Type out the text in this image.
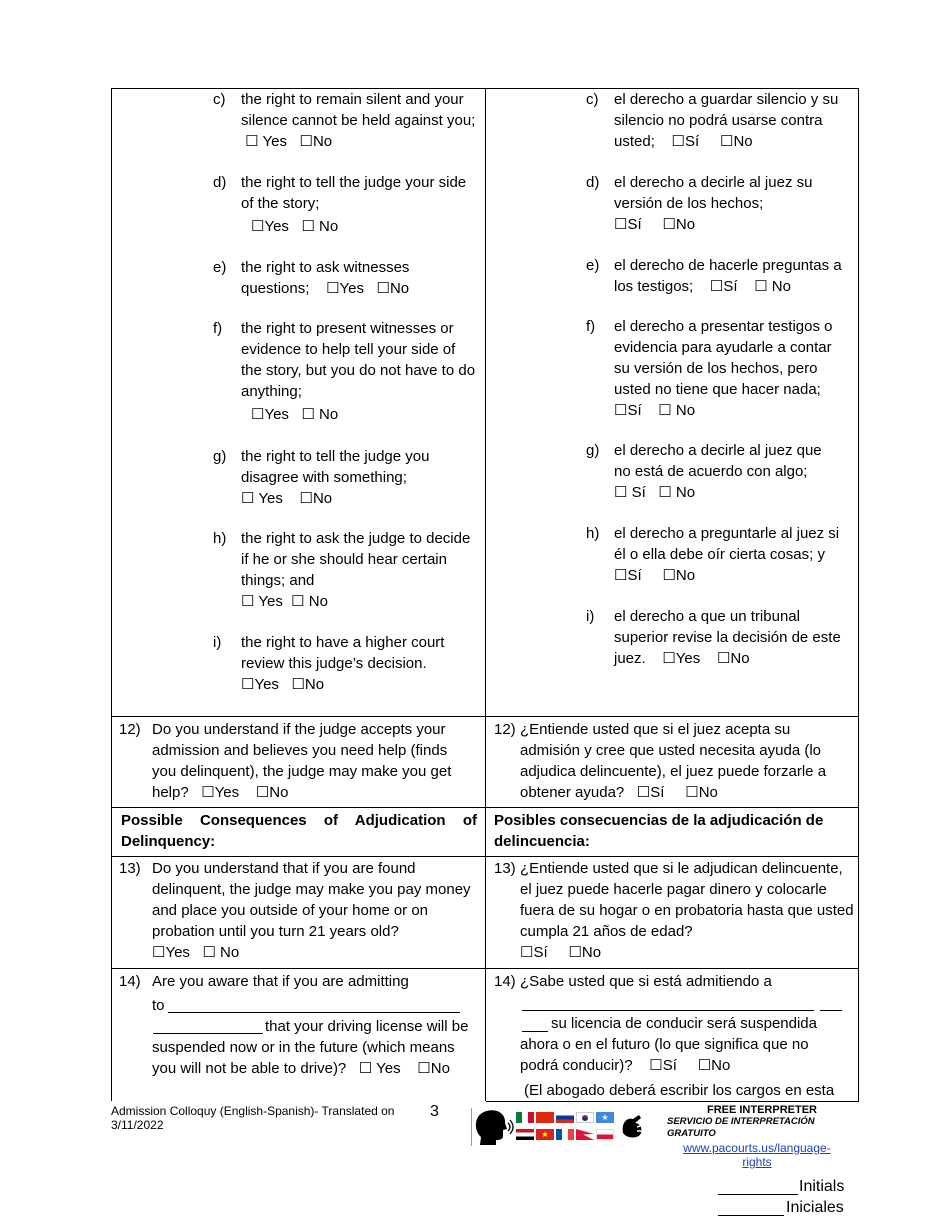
c) the right to remain silent and your silence cannot be held against you;  ☐ Yes ☐No
d) the right to tell the judge your side of the story;
☐Yes ☐ No
e) the right to ask witnesses questions; ☐Yes ☐No
f) the right to present witnesses or evidence to help tell your side of the story, but you do not have to do anything;
☐Yes ☐ No
g) the right to tell the judge you disagree with something;
☐ Yes ☐No
h) the right to ask the judge to decide if he or she should hear certain things; and
☐ Yes ☐ No
i) the right to have a higher court review this judge’s decision.
☐Yes ☐No
c) el derecho a guardar silencio y su silencio no podrá usarse contra usted; ☐Sí ☐No
d) el derecho a decirle al juez su versión de los hechos;
☐Sí ☐No
e) el derecho de hacerle preguntas a los testigos; ☐Sí ☐ No
f) el derecho a presentar testigos o evidencia para ayudarle a contar su versión de los hechos, pero usted no tiene que hacer nada;
☐Sí ☐ No
g) el derecho a decirle al juez que no está de acuerdo con algo;
☐ Sí ☐ No
h) el derecho a preguntarle al juez si él o ella debe oír cierta cosas; y
☐Sí ☐No
i) el derecho a que un tribunal superior revise la decisión de este juez. ☐Yes ☐No
12) Do you understand if the judge accepts your admission and believes you need help (finds you delinquent), the judge may make you get help? ☐Yes ☐No
12) ¿Entiende usted que si el juez acepta su admisión y cree que usted necesita ayuda (lo adjudica delincuente), el juez puede forzarle a obtener ayuda? ☐Sí ☐No
Possible Consequences of Adjudication of Delinquency:
Posibles consecuencias de la adjudicación de delincuencia:
13) Do you understand that if you are found delinquent, the judge may make you pay money and place you outside of your home or on probation until you turn 21 years old?
☐Yes ☐ No
13) ¿Entiende usted que si le adjudican delincuente, el juez puede hacerle pagar dinero y colocarle fuera de su hogar o en probatoria hasta que usted cumpla 21 años de edad?
☐Sí ☐No
14) Are you aware that if you are admitting
to
that your driving license will be
suspended now or in the future (which means
you will not be able to drive)? ☐ Yes ☐No
14) ¿Sabe usted que si está admitiendo a
su licencia de conducir será suspendida
ahora o en el futuro (lo que significa que no
podrá conducir)? ☐Sí ☐No
(El abogado deberá escribir los cargos en esta
Admission Colloquy (English-Spanish)- Translated on
3/11/2022
3	★
★
FREE INTERPRETER
SERVICIO DE INTERPRETACIÓN
GRATUITO
www.pacourts.us/language-
rights
Initials
Iniciales
